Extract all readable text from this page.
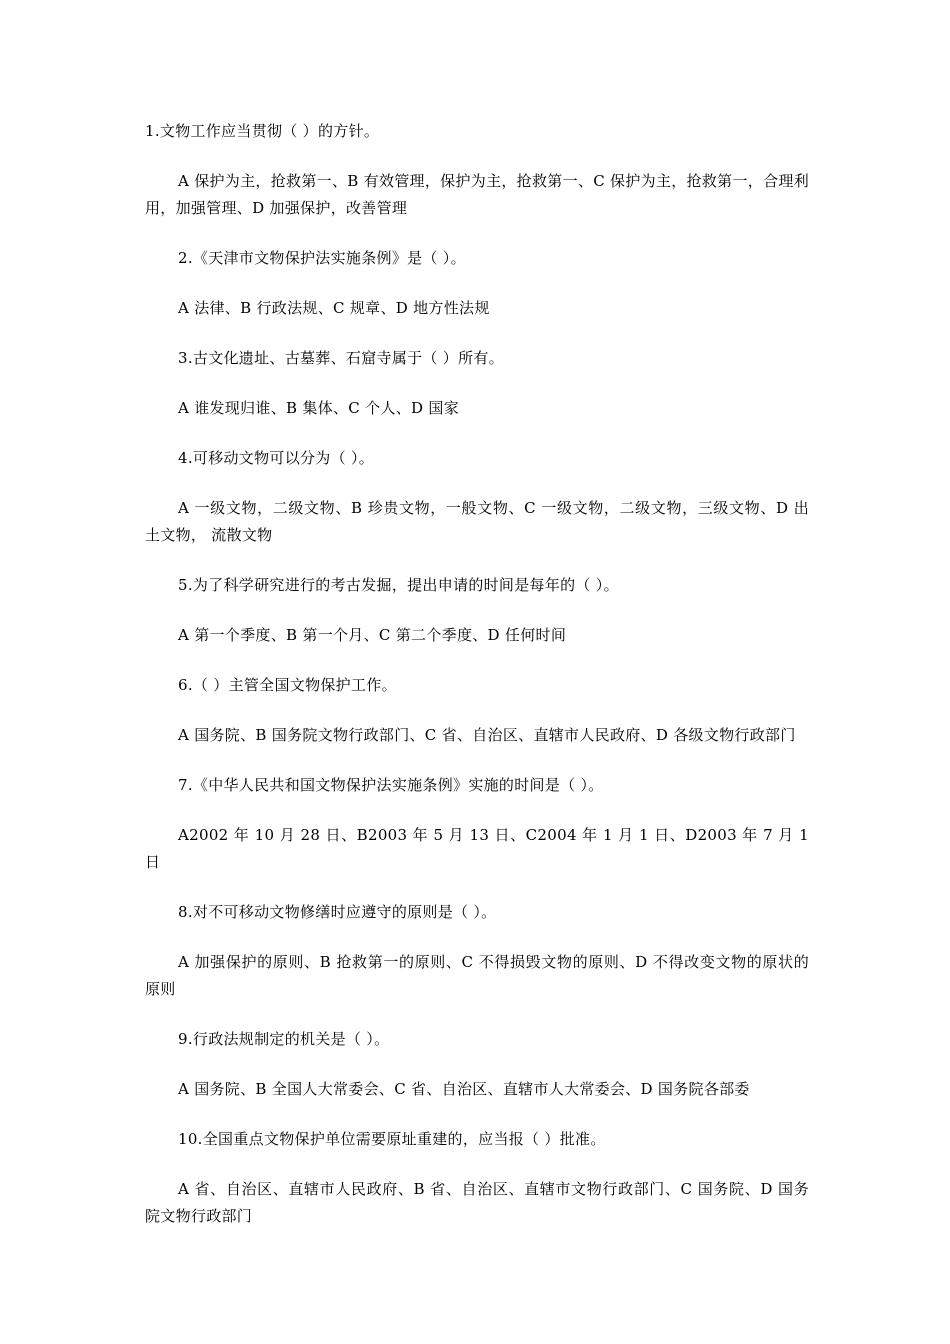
1.文物工作应当贯彻（ ）的方针。

A 保护为主，抢救第一、B 有效管理，保护为主，抢救第一、C 保护为主，抢救第一，合理利用，加强管理、D 加强保护，改善管理

2.《天津市文物保护法实施条例》是（ ）。

A 法律、B 行政法规、C 规章、D 地方性法规

3.古文化遗址、古墓葬、石窟寺属于（ ）所有。

A 谁发现归谁、B 集体、C 个人、D 国家

4.可移动文物可以分为（ ）。

A 一级文物，二级文物、B 珍贵文物，一般文物、C 一级文物，二级文物，三级文物、D 出土文物， 流散文物

5.为了科学研究进行的考古发掘，提出申请的时间是每年的（ ）。

A 第一个季度、B 第一个月、C 第二个季度、D 任何时间

6.（ ）主管全国文物保护工作。

A 国务院、B 国务院文物行政部门、C 省、自治区、直辖市人民政府、D 各级文物行政部门

7.《中华人民共和国文物保护法实施条例》实施的时间是（ ）。

A2002 年 10 月 28 日、B2003 年 5 月 13 日、C2004 年 1 月 1 日、D2003 年 7 月 1 日

8.对不可移动文物修缮时应遵守的原则是（ ）。

A 加强保护的原则、B 抢救第一的原则、C 不得损毁文物的原则、D 不得改变文物的原状的原则

9.行政法规制定的机关是（ ）。

A 国务院、B 全国人大常委会、C 省、自治区、直辖市人大常委会、D 国务院各部委

10.全国重点文物保护单位需要原址重建的，应当报（ ）批准。

A 省、自治区、直辖市人民政府、B 省、自治区、直辖市文物行政部门、C 国务院、D 国务院文物行政部门
